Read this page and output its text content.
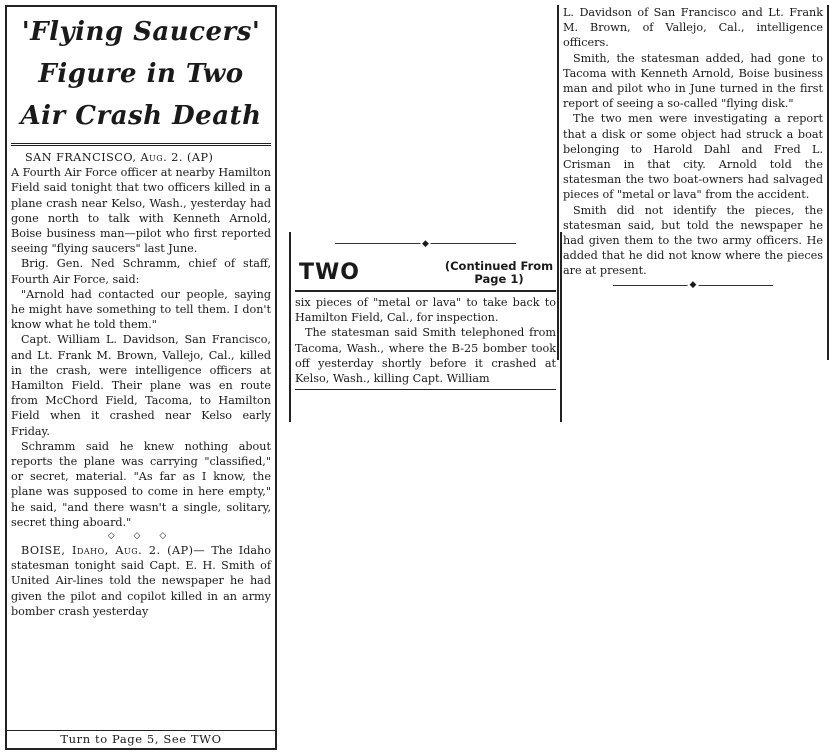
'Flying Saucers' Figure in Two Air Crash Death

SAN FRANCISCO, Aug. 2. (AP)

A Fourth Air Force officer at nearby Hamilton Field said tonight that two officers killed in a plane crash near Kelso, Wash., yesterday had gone north to talk with Kenneth Arnold, Boise business man—pilot who first reported seeing "flying saucers" last June.

Brig. Gen. Ned Schramm, chief of staff, Fourth Air Force, said:

"Arnold had contacted our people, saying he might have something to tell them. I don't know what he told them."

Capt. William L. Davidson, San Francisco, and Lt. Frank M. Brown, Vallejo, Cal., killed in the crash, were intelligence officers at Hamilton Field. Their plane was en route from McChord Field, Tacoma, to Hamilton Field when it crashed near Kelso early Friday.

Schramm said he knew nothing about reports the plane was carrying "classified," or secret, material. "As far as I know, the plane was supposed to come in here empty," he said, "and there wasn't a single, solitary, secret thing aboard."

◇ ◇ ◇

BOISE, Idaho, Aug. 2. (AP)— The Idaho statesman tonight said Capt. E. H. Smith of United Air-lines told the newspaper he had given the pilot and copilot killed in an army bomber crash yesterday

Turn to Page 5, See TWO
◆
TWO	(Continued From Page 1)

six pieces of "metal or lava" to take back to Hamilton Field, Cal., for inspection.

The statesman said Smith telephoned from Tacoma, Wash., where the B-25 bomber took off yesterday shortly before it crashed at Kelso, Wash., killing Capt. William

L. Davidson of San Francisco and Lt. Frank M. Brown, of Vallejo, Cal., intelligence officers.

Smith, the statesman added, had gone to Tacoma with Kenneth Arnold, Boise business man and pilot who in June turned in the first report of seeing a so-called "flying disk."

The two men were investigating a report that a disk or some object had struck a boat belonging to Harold Dahl and Fred L. Crisman in that city. Arnold told the statesman the two boat-owners had salvaged pieces of "metal or lava" from the accident.

Smith did not identify the pieces, the statesman said, but told the newspaper he had given them to the two army officers. He added that he did not know where the pieces are at present.

◆
